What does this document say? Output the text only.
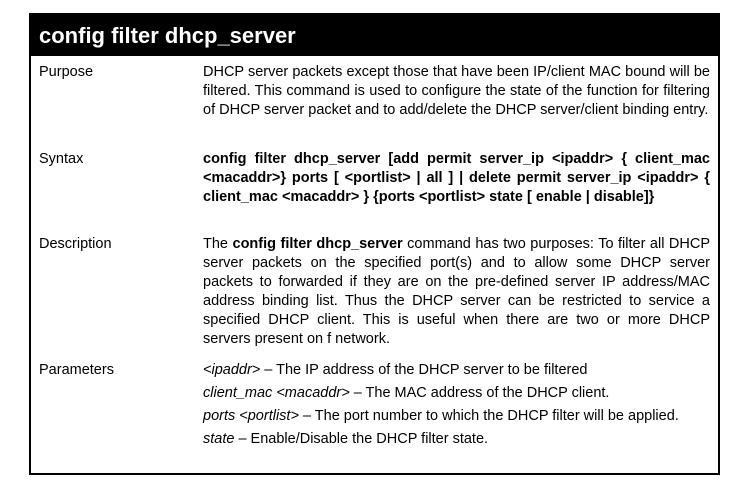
config filter dhcp_server
Purpose	DHCP server packets except those that have been IP/client MAC bound will be filtered. This command is used to configure the state of the function for filtering of DHCP server packet and to add/delete the DHCP server/client binding entry.

Syntax	config filter dhcp_server [add permit server_ip <ipaddr> { client_mac <macaddr>} ports [ <portlist> | all ] | delete permit server_ip <ipaddr> { client_mac <macaddr> } {ports <portlist> state [ enable | disable]}

Description	The config filter dhcp_server command has two purposes: To filter all DHCP server packets on the specified port(s) and to allow some DHCP server packets to forwarded if they are on the pre-defined server IP address/MAC address binding list. Thus the DHCP server can be restricted to service a specified DHCP client. This is useful when there are two or more DHCP servers present on f network.

Parameters	<ipaddr> – The IP address of the DHCP server to be filtered

client_mac <macaddr> – The MAC address of the DHCP client.

ports <portlist> – The port number to which the DHCP filter will be applied.

state – Enable/Disable the DHCP filter state.
